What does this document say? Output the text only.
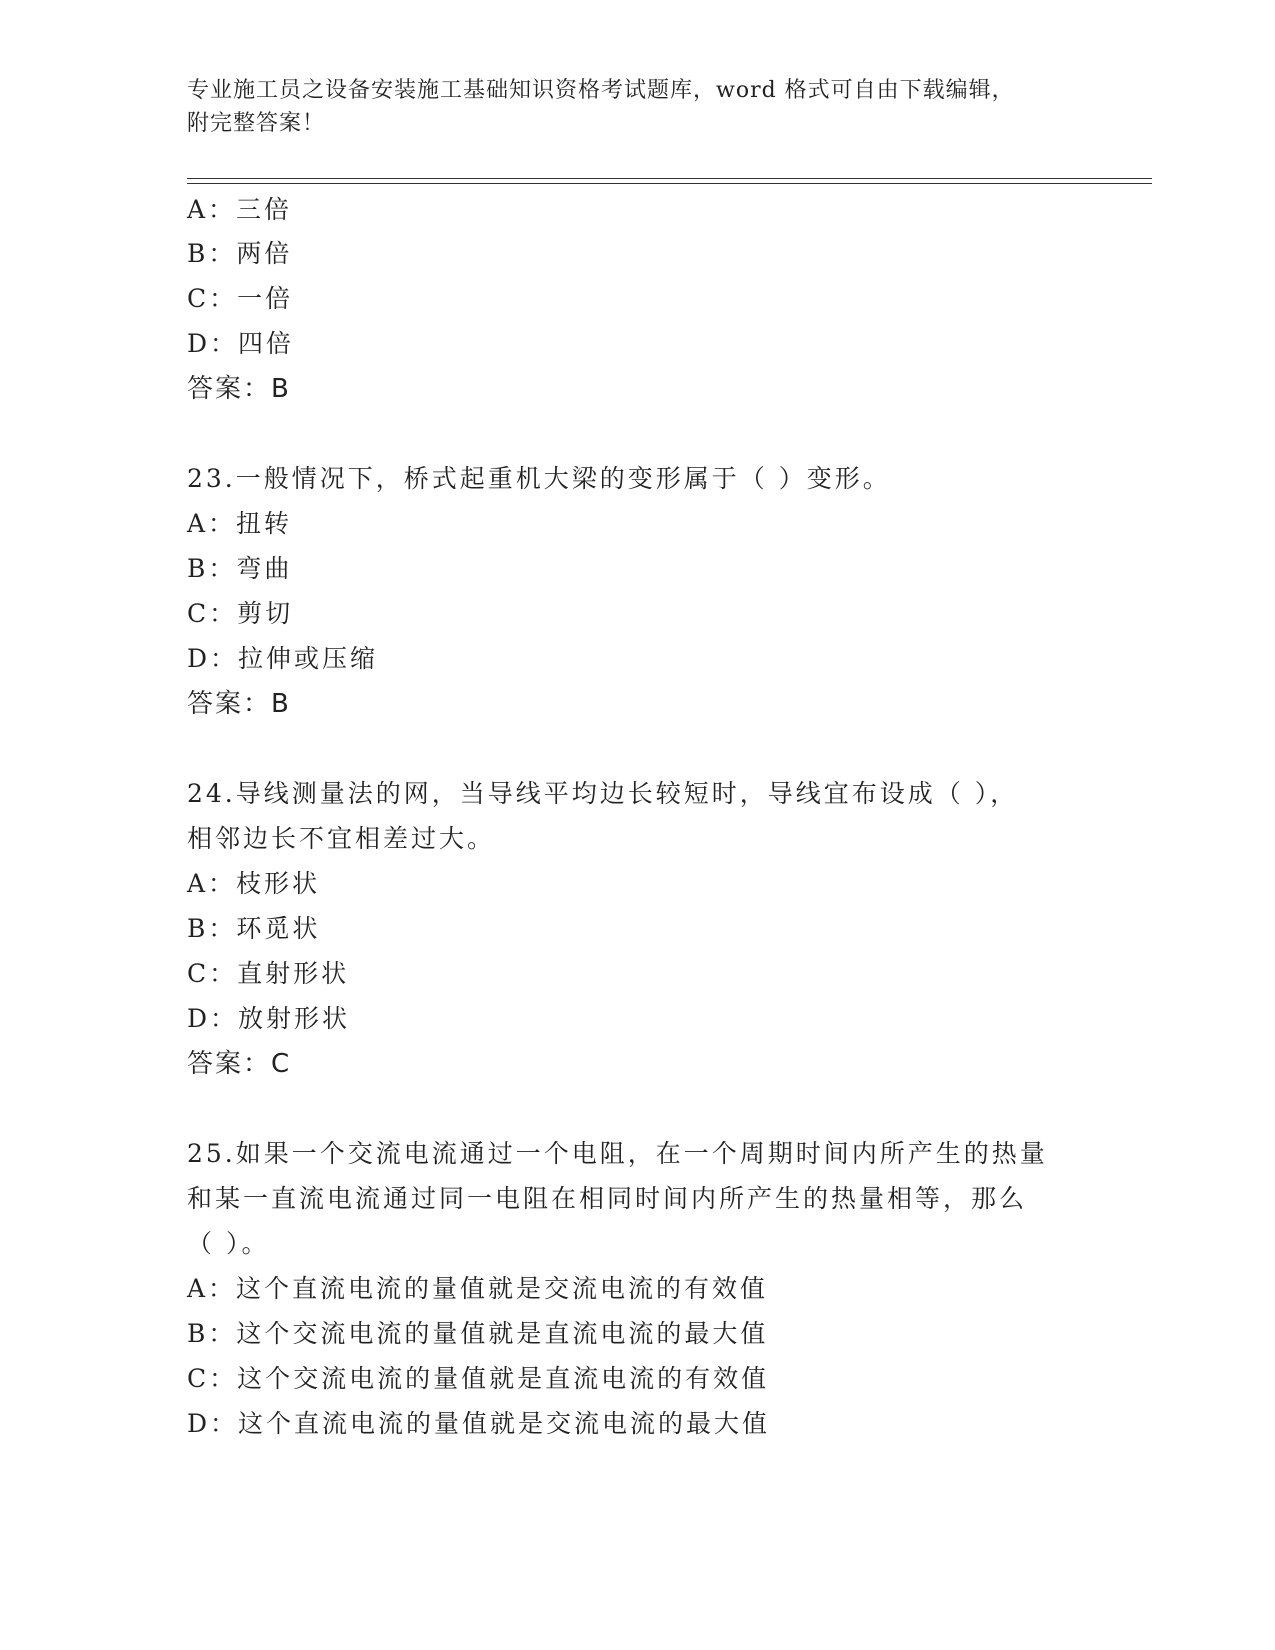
专业施工员之设备安装施工基础知识资格考试题库，word 格式可自由下载编辑，
附完整答案！
A：三倍
B：两倍
C：一倍
D：四倍
答案：B
23.一般情况下，桥式起重机大梁的变形属于（ ）变形。
A：扭转
B：弯曲
C：剪切
D：拉伸或压缩
答案：B
24.导线测量法的网，当导线平均边长较短时，导线宜布设成（ ），
相邻边长不宜相差过大。
A：枝形状
B：环觅状
C：直射形状
D：放射形状
答案：C
25.如果一个交流电流通过一个电阻，在一个周期时间内所产生的热量
和某一直流电流通过同一电阻在相同时间内所产生的热量相等，那么
（ ）。
A：这个直流电流的量值就是交流电流的有效值
B：这个交流电流的量值就是直流电流的最大值
C：这个交流电流的量值就是直流电流的有效值
D：这个直流电流的量值就是交流电流的最大值
